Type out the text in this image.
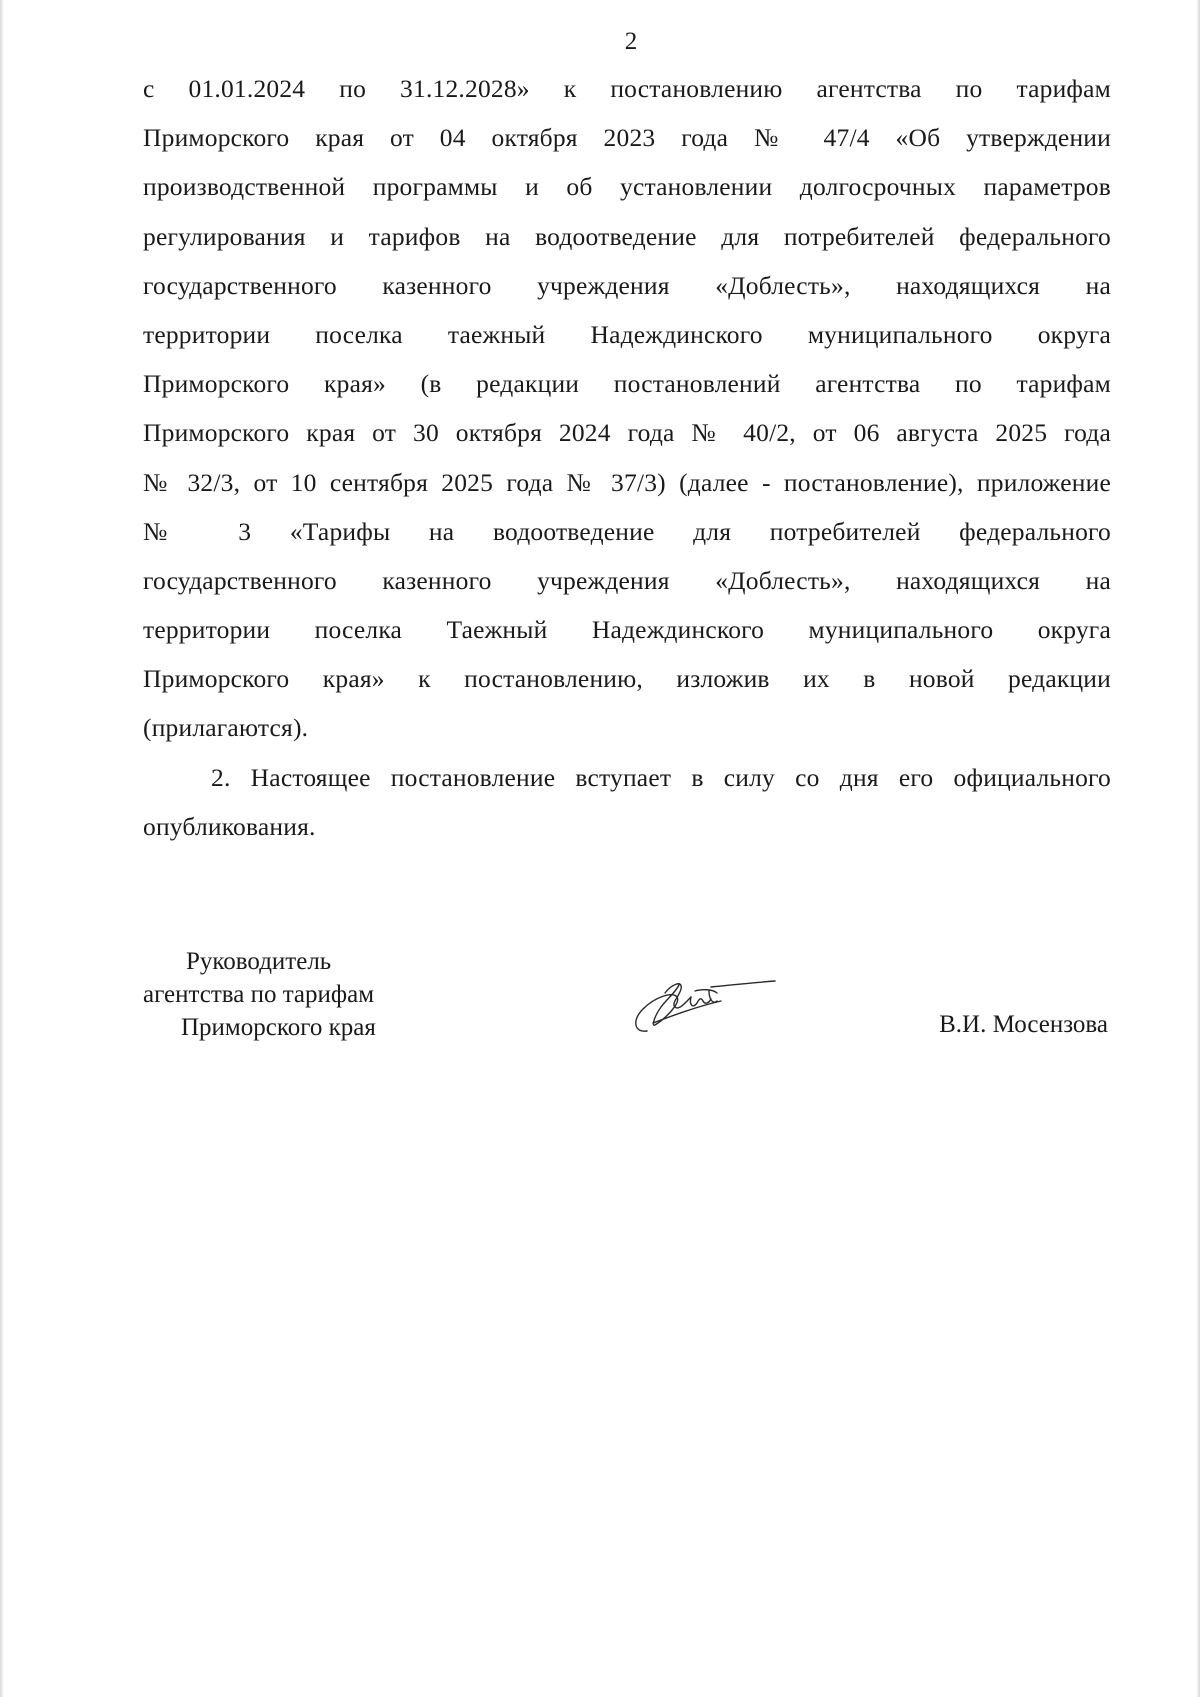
2
с 01.01.2024 по 31.12.2028» к постановлению агентства по тарифам
Приморского края от 04 октября 2023 года № 47/4 «Об утверждении
производственной программы и об установлении долгосрочных параметров
регулирования и тарифов на водоотведение для потребителей федерального
государственного казенного учреждения «Доблесть», находящихся на
территории поселка таежный Надеждинского муниципального округа
Приморского края» (в редакции постановлений агентства по тарифам
Приморского края от 30 октября 2024 года № 40/2, от 06 августа 2025 года
№ 32/3, от 10 сентября 2025 года № 37/3) (далее - постановление), приложение
№ 3 «Тарифы на водоотведение для потребителей федерального
государственного казенного учреждения «Доблесть», находящихся на
территории поселка Таежный Надеждинского муниципального округа
Приморского края» к постановлению, изложив их в новой редакции
(прилагаются).
2. Настоящее постановление вступает в силу со дня его официального
опубликования.
Руководитель
агентства по тарифам
Приморского края	В.И. Мосензова
